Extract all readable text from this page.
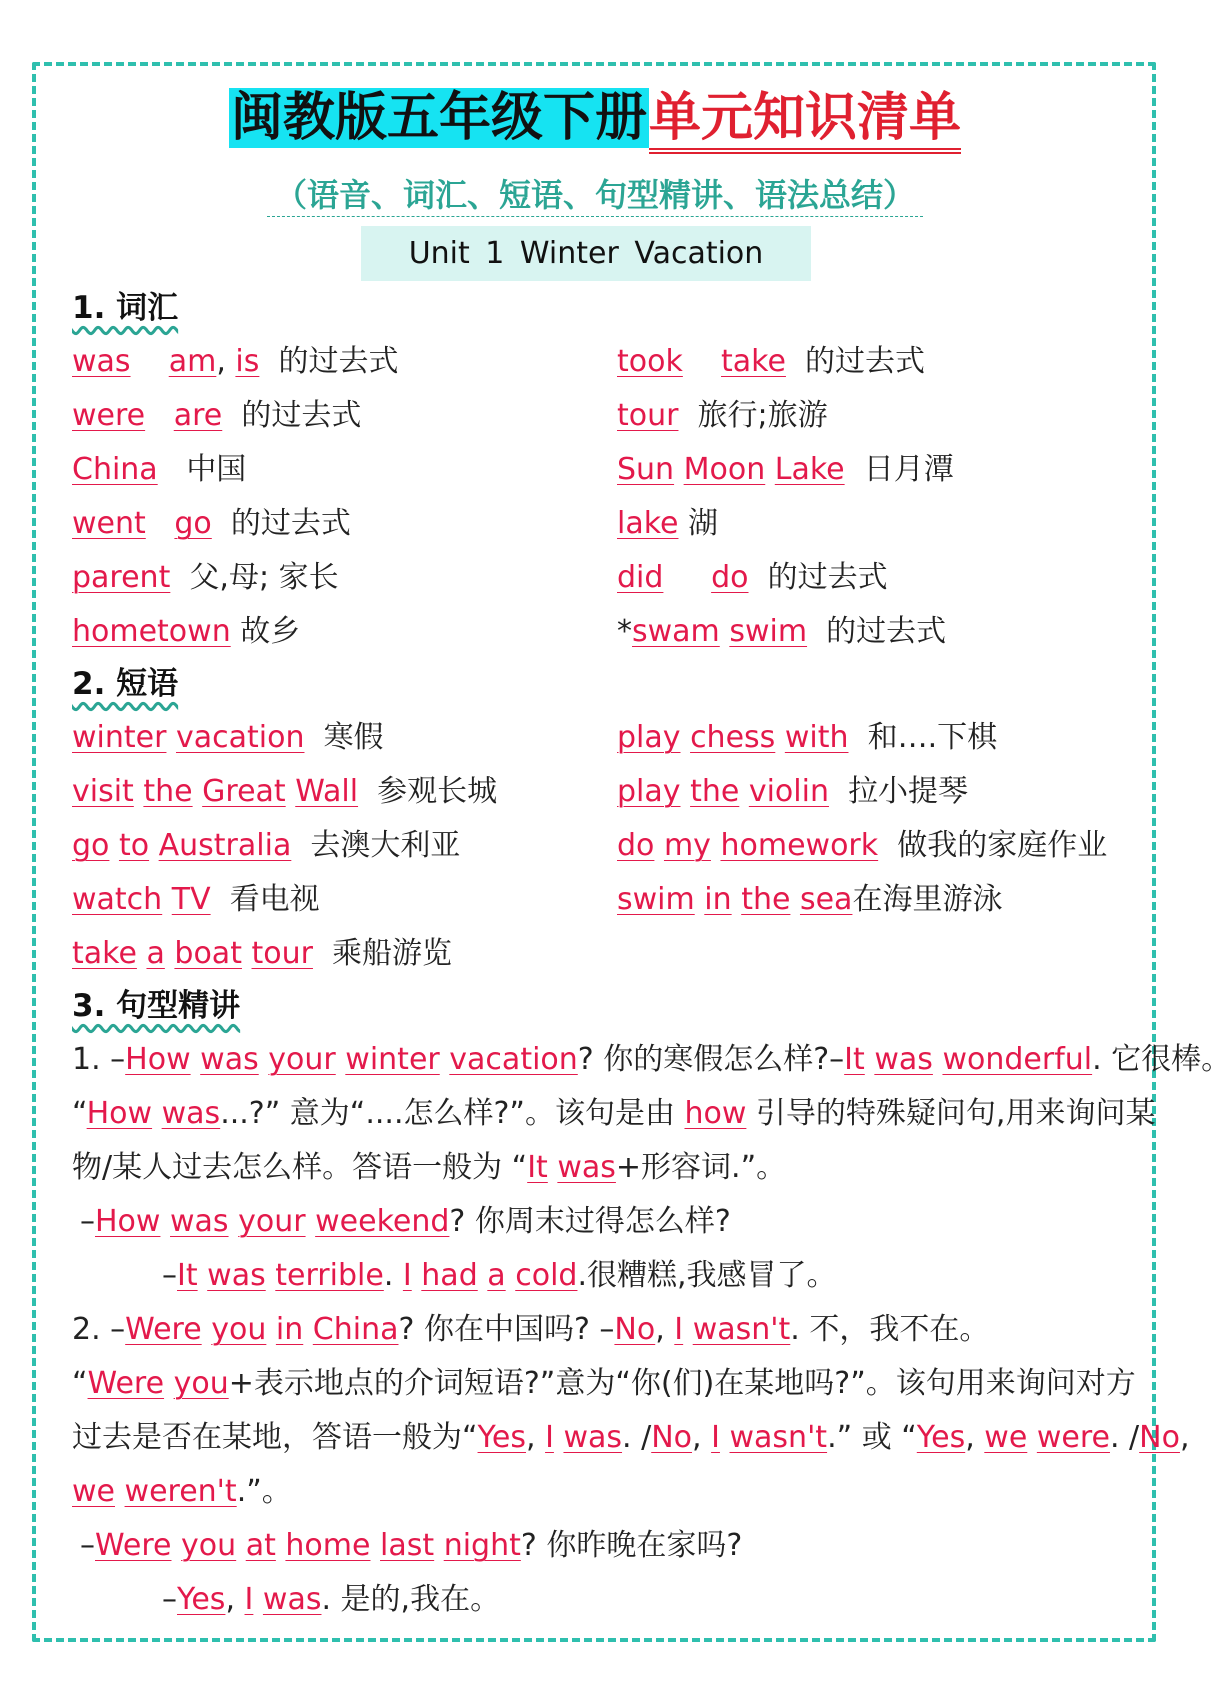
闽教版五年级下册单元知识清单
（语音、词汇、短语、句型精讲、语法总结）
Unit 1 Winter Vacation
1. 词汇
was am, is 的过去式
were are 的过去式
China 中国
went go 的过去式
parent 父,母; 家长
hometown 故乡
took take 的过去式
tour 旅行;旅游
Sun Moon Lake 日月潭
lake 湖
did do 的过去式
*swam swim 的过去式
2. 短语
winter vacation 寒假
visit the Great Wall 参观长城
go to Australia 去澳大利亚
watch TV 看电视
take a boat tour 乘船游览
play chess with 和….下棋
play the violin 拉小提琴
do my homework 做我的家庭作业
swim in the sea在海里游泳
3. 句型精讲
1. –How was your winter vacation? 你的寒假怎么样?–It was wonderful. 它很棒。
“How was...?” 意为“....怎么样?”。该句是由 how 引导的特殊疑问句,用来询问某
物/某人过去怎么样。答语一般为 “It was+形容词.”。
–How was your weekend? 你周末过得怎么样?
–It was terrible. I had a cold.很糟糕,我感冒了。
2. –Were you in China? 你在中国吗? –No, I wasn't. 不，我不在。
“Were you+表示地点的介词短语?”意为“你(们)在某地吗?”。该句用来询问对方
过去是否在某地，答语一般为“Yes, I was. /No, I wasn't.” 或 “Yes, we were. /No,
we weren't.”。
–Were you at home last night? 你昨晚在家吗?
–Yes, I was. 是的,我在。
